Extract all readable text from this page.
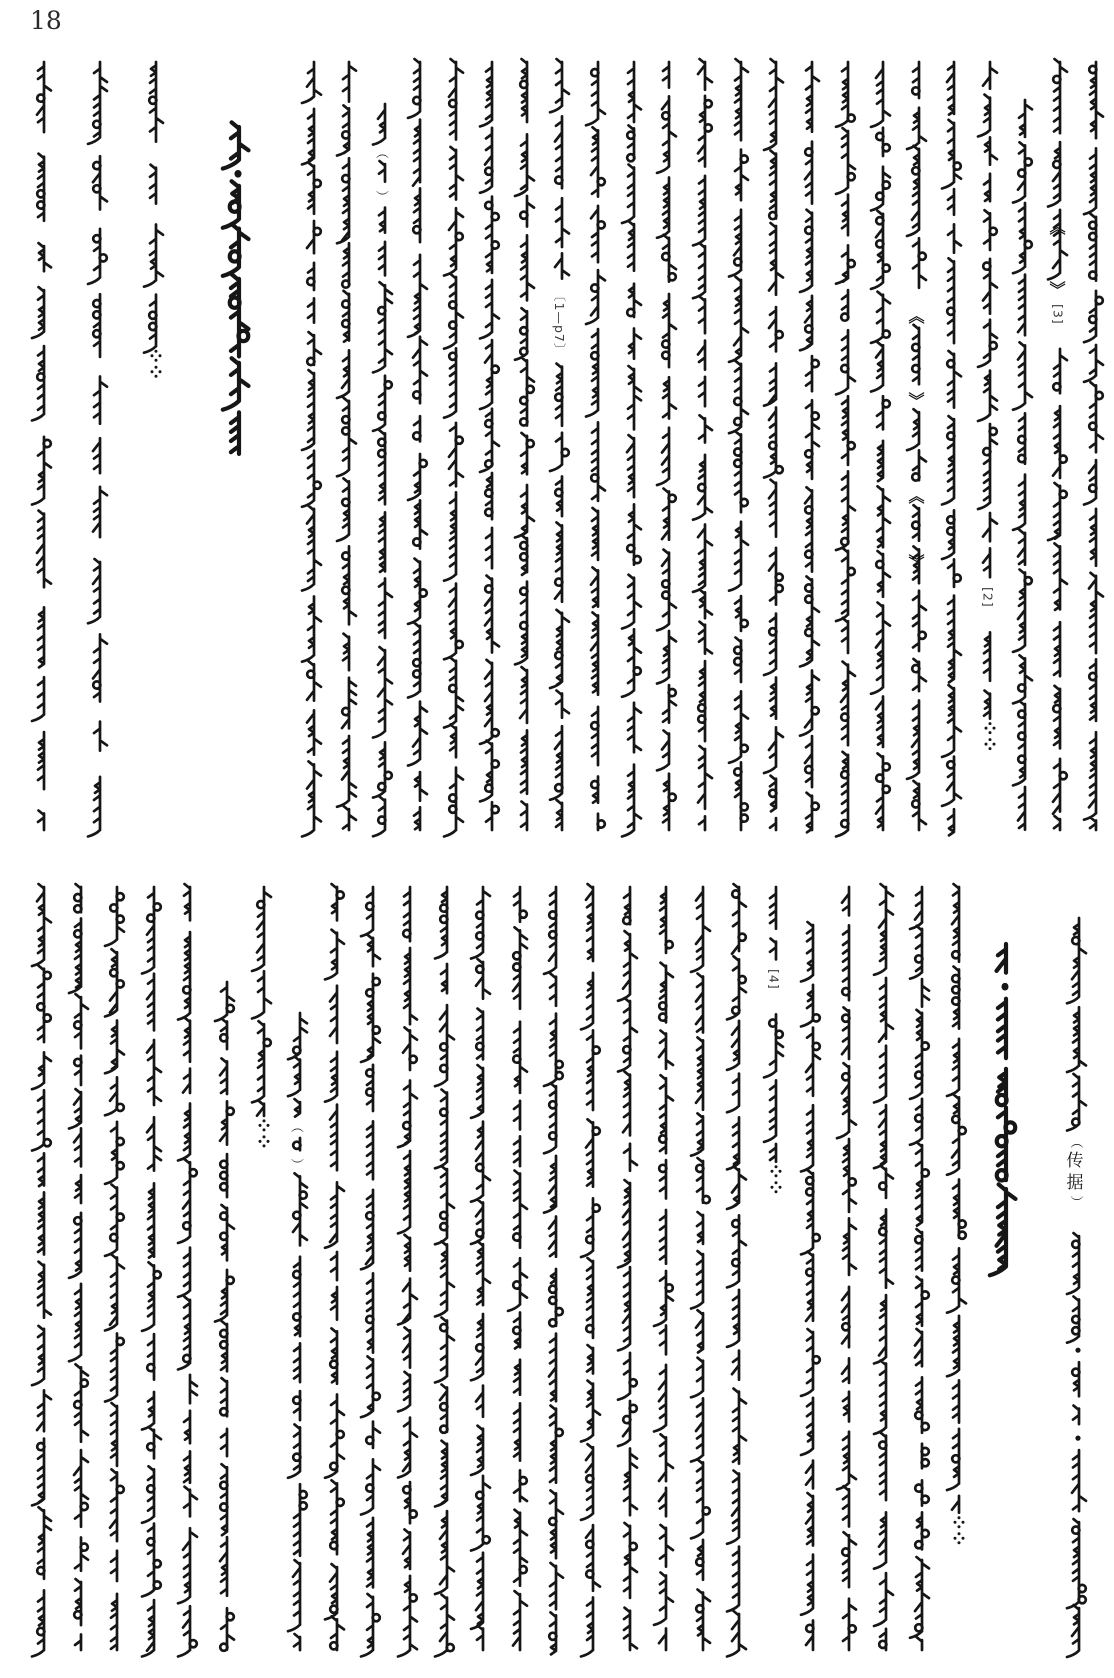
18
（
）
〔1—p7〕	《
》
《
》
[2]
《
》
[3]
（
）
[4]
（
传
据
）
